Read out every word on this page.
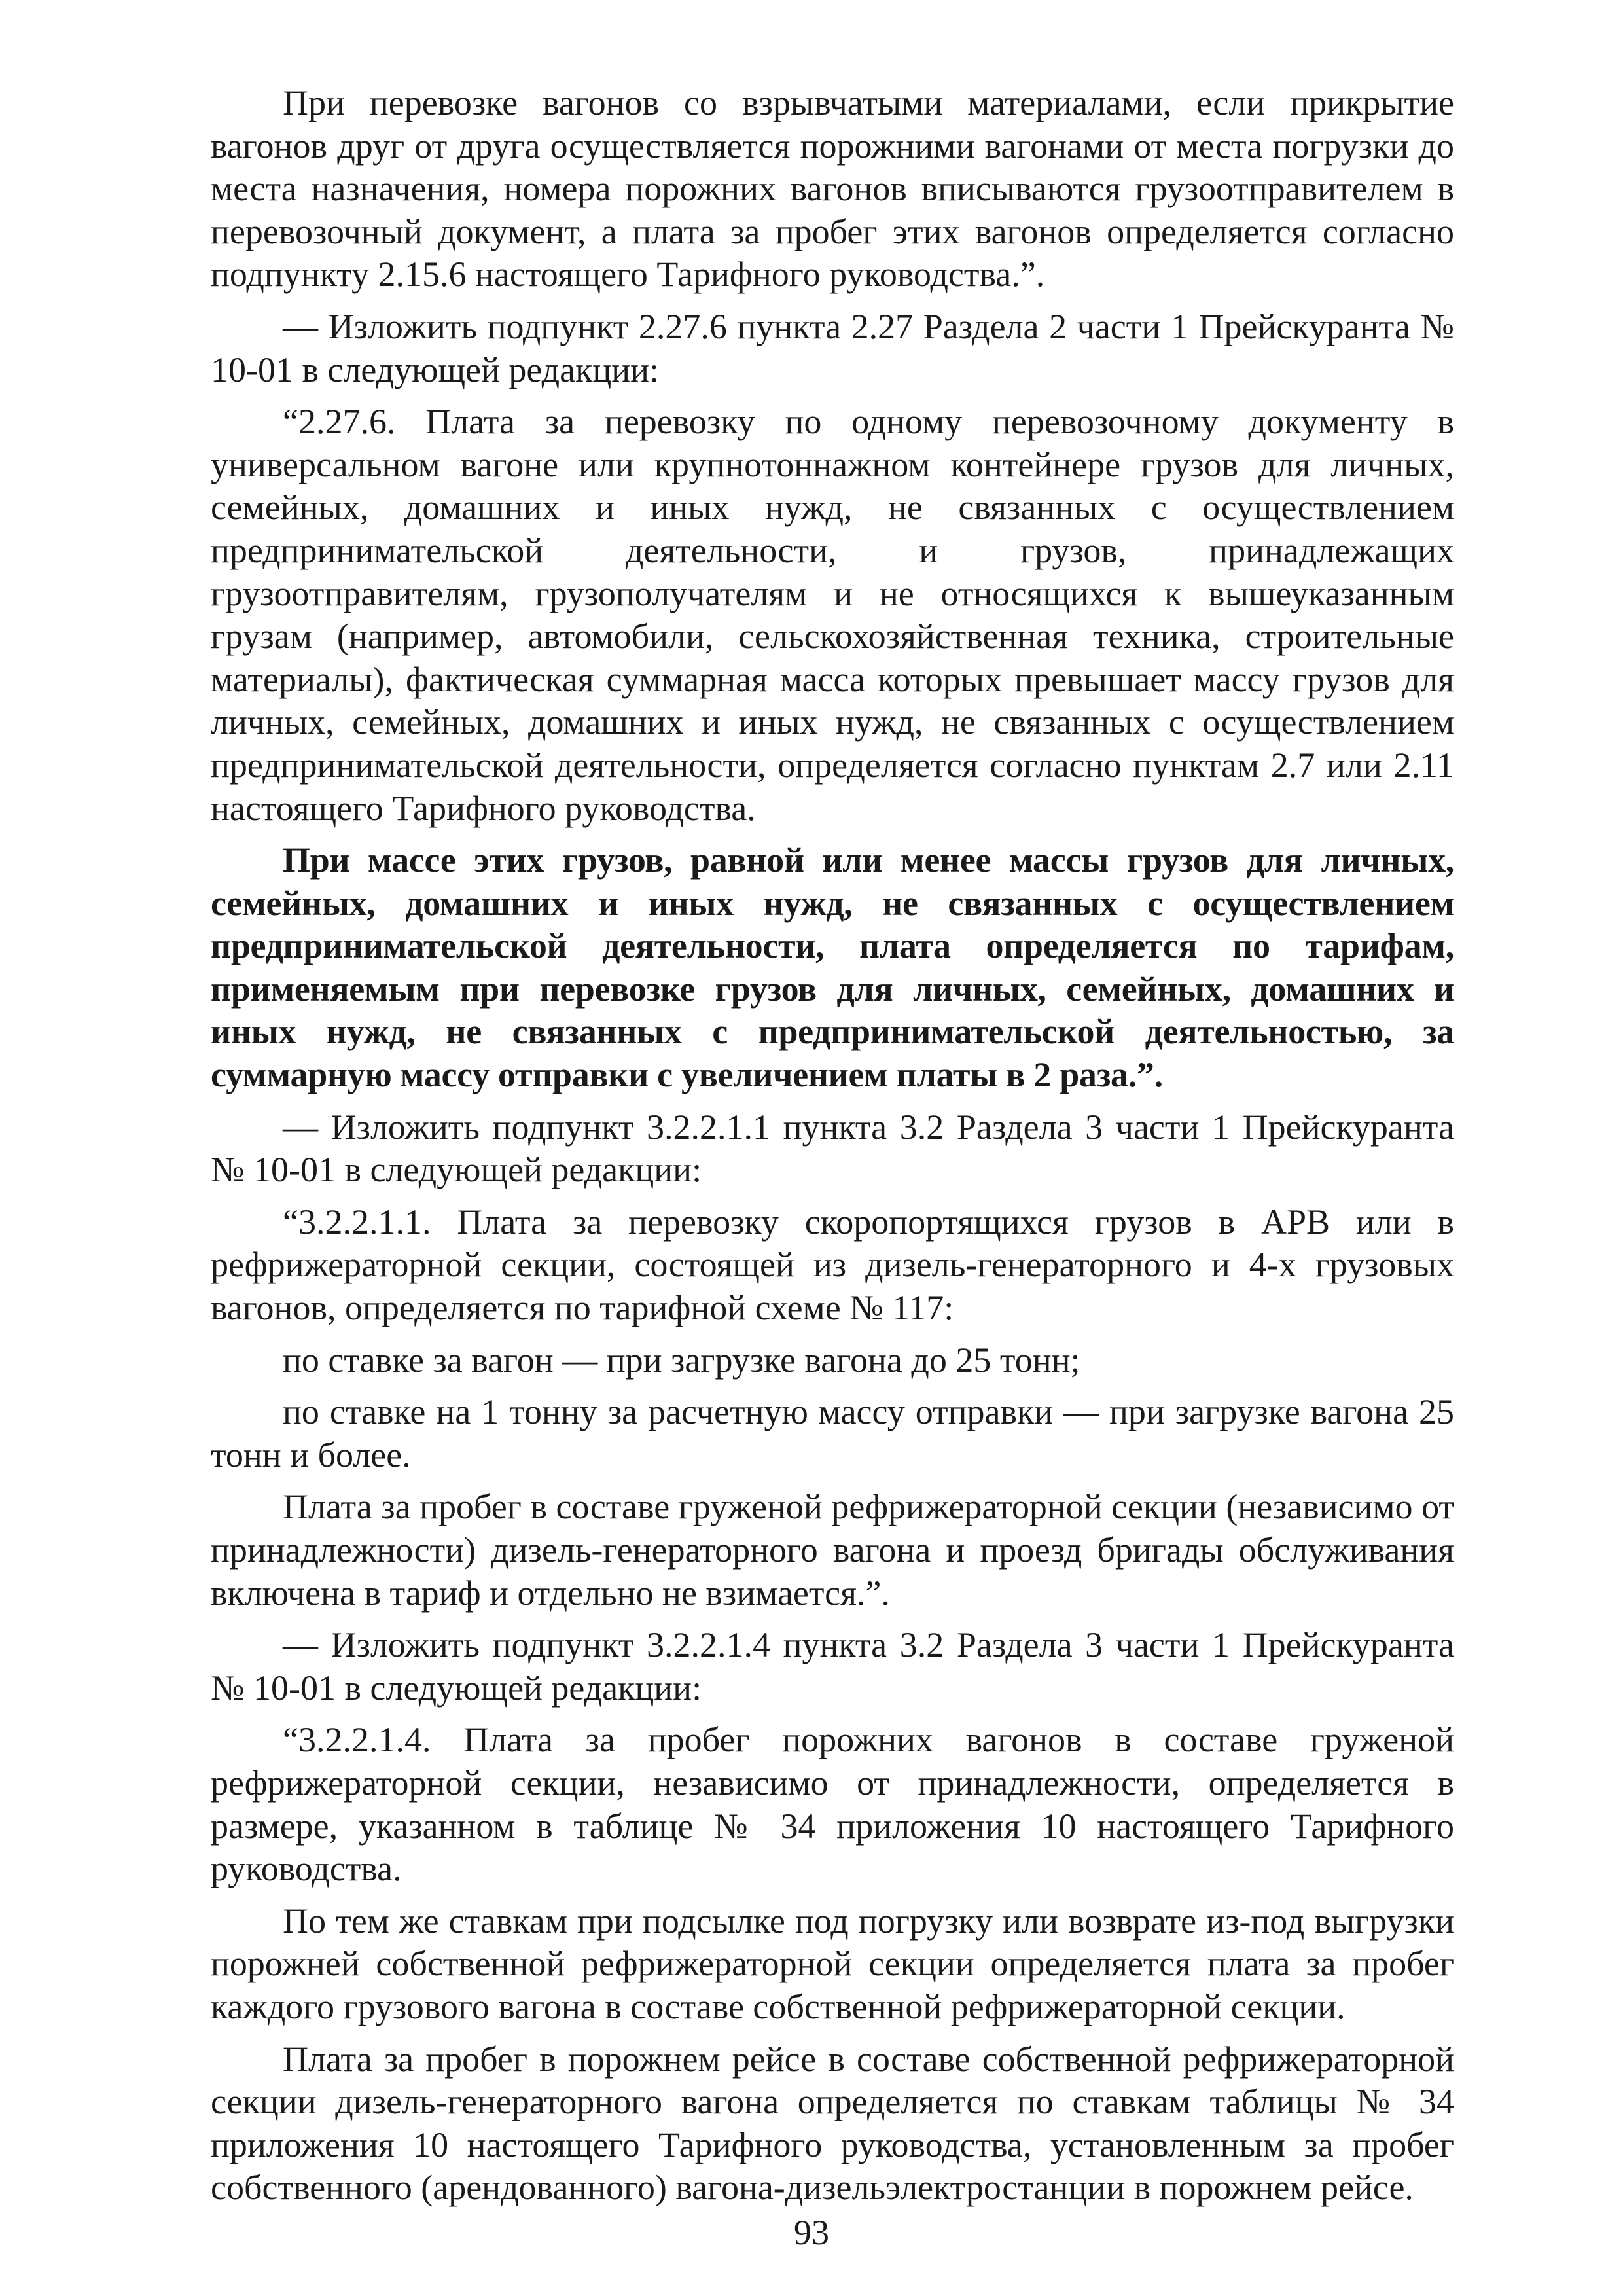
При перевозке вагонов со взрывчатыми материалами, если прикрытие вагонов друг от друга осуществляется порожними вагонами от места погрузки до места назначения, номера порожних вагонов вписываются грузоотправителем в перевозочный документ, а плата за пробег этих вагонов определяется согласно подпункту 2.15.6 настоящего Тарифного руководства.”.

— Изложить подпункт 2.27.6 пункта 2.27 Раздела 2 части 1 Прейскуранта № 10-01 в следующей редакции:

“2.27.6. Плата за перевозку по одному перевозочному документу в универсальном вагоне или крупнотоннажном контейнере грузов для личных, семейных, домашних и иных нужд, не связанных с осуществлением предпринимательской деятельности, и грузов, принадлежащих грузоотправителям, грузополучателям и не относящихся к вышеуказанным грузам (например, автомобили, сельскохозяйственная техника, строительные материалы), фактическая суммарная масса которых превышает массу грузов для личных, семейных, домашних и иных нужд, не связанных с осуществлением предпринимательской деятельности, определяется согласно пунктам 2.7 или 2.11 настоящего Тарифного руководства.

При массе этих грузов, равной или менее массы грузов для личных, семейных, домашних и иных нужд, не связанных с осуществлением предпринимательской деятельности, плата определяется по тарифам, применяемым при перевозке грузов для личных, семейных, домашних и иных нужд, не связанных с предпринимательской деятельностью, за суммарную массу отправки с увеличением платы в 2 раза.”.

— Изложить подпункт 3.2.2.1.1 пункта 3.2 Раздела 3 части 1 Прейскуранта № 10-01 в следующей редакции:

“3.2.2.1.1. Плата за перевозку скоропортящихся грузов в АРВ или в рефрижераторной секции, состоящей из дизель-генераторного и 4-х грузовых вагонов, определяется по тарифной схеме № 117:

по ставке за вагон — при загрузке вагона до 25 тонн;

по ставке на 1 тонну за расчетную массу отправки — при загрузке вагона 25 тонн и более.

Плата за пробег в составе груженой рефрижераторной секции (независимо от принадлежности) дизель-генераторного вагона и проезд бригады обслуживания включена в тариф и отдельно не взимается.”.

— Изложить подпункт 3.2.2.1.4 пункта 3.2 Раздела 3 части 1 Прейскуранта № 10-01 в следующей редакции:

“3.2.2.1.4. Плата за пробег порожних вагонов в составе груженой рефрижераторной секции, независимо от принадлежности, определяется в размере, указанном в таблице № 34 приложения 10 настоящего Тарифного руководства.

По тем же ставкам при подсылке под погрузку или возврате из-под выгрузки порожней собственной рефрижераторной секции определяется плата за пробег каждого грузового вагона в составе собственной рефрижераторной секции.

Плата за пробег в порожнем рейсе в составе собственной рефрижераторной секции дизель-генераторного вагона определяется по ставкам таблицы № 34 приложения 10 настоящего Тарифного руководства, установленным за пробег собственного (арендованного) вагона-дизельэлектростанции в порожнем рейсе.

93
